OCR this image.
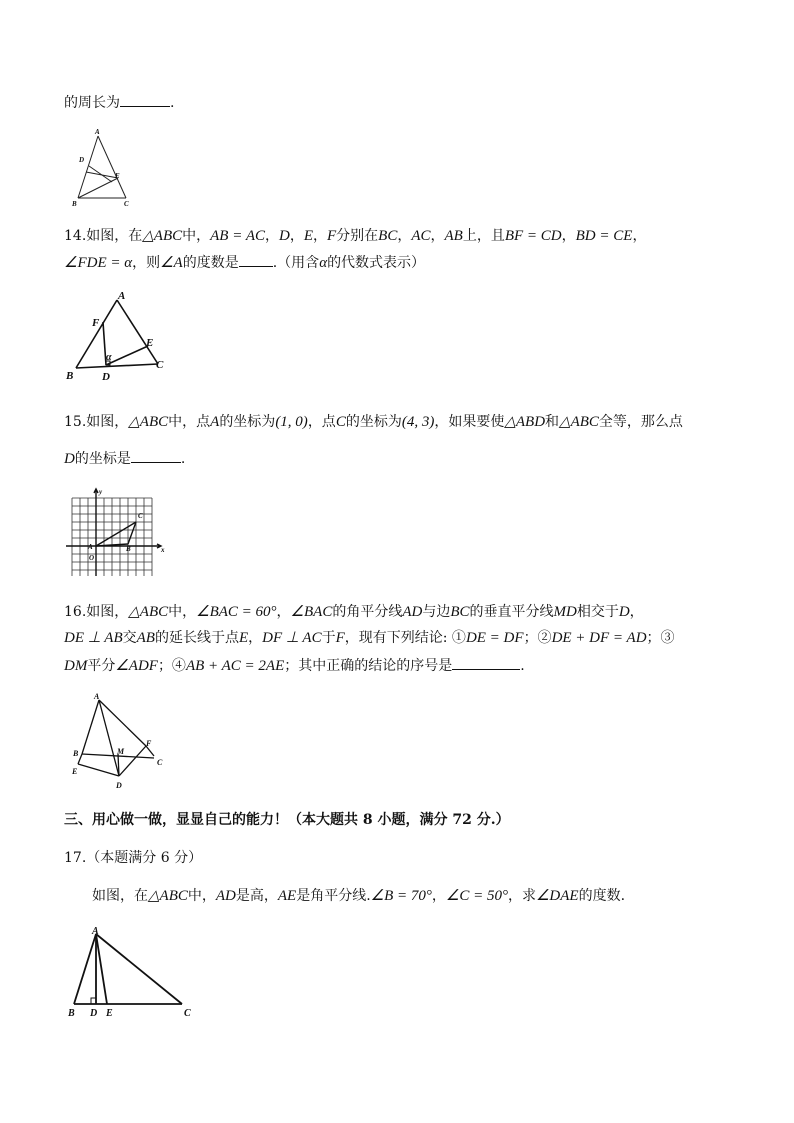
的周长为	.
A
D
E
B	C
14.如图，在△ABC中，AB = AC，D，E，F分别在BC，AC，AB上，且BF = CD，BD = CE，
∠FDE = α，则∠A的度数是 .（用含α的代数式表示）
A
F
E
α
B	D
C
15.如图，△ABC中，点A的坐标为(1, 0)，点C的坐标为(4, 3)，如果要使△ABD和△ABC全等，那么点
D的坐标是	.
y
x
C
A	B
O
16.如图，△ABC中，∠BAC = 60°，∠BAC的角平分线AD与边BC的垂直平分线MD相交于D，
DE ⊥ AB交AB的延长线于点E，DF ⊥ AC于F，现有下列结论: ①DE = DF；②DE + DF = AD；③
DM平分∠ADF；④AB + AC = 2AE；其中正确的结论的序号是	.
A
B	M
F
C
E
D
三、用心做一做，显显自己的能力！（本大题共 8 小题，满分 72 分.）
17.（本题满分 6 分）
如图，在△ABC中，AD是高，AE是角平分线.∠B = 70°，∠C = 50°，求∠DAE的度数.
A
B D E	C
